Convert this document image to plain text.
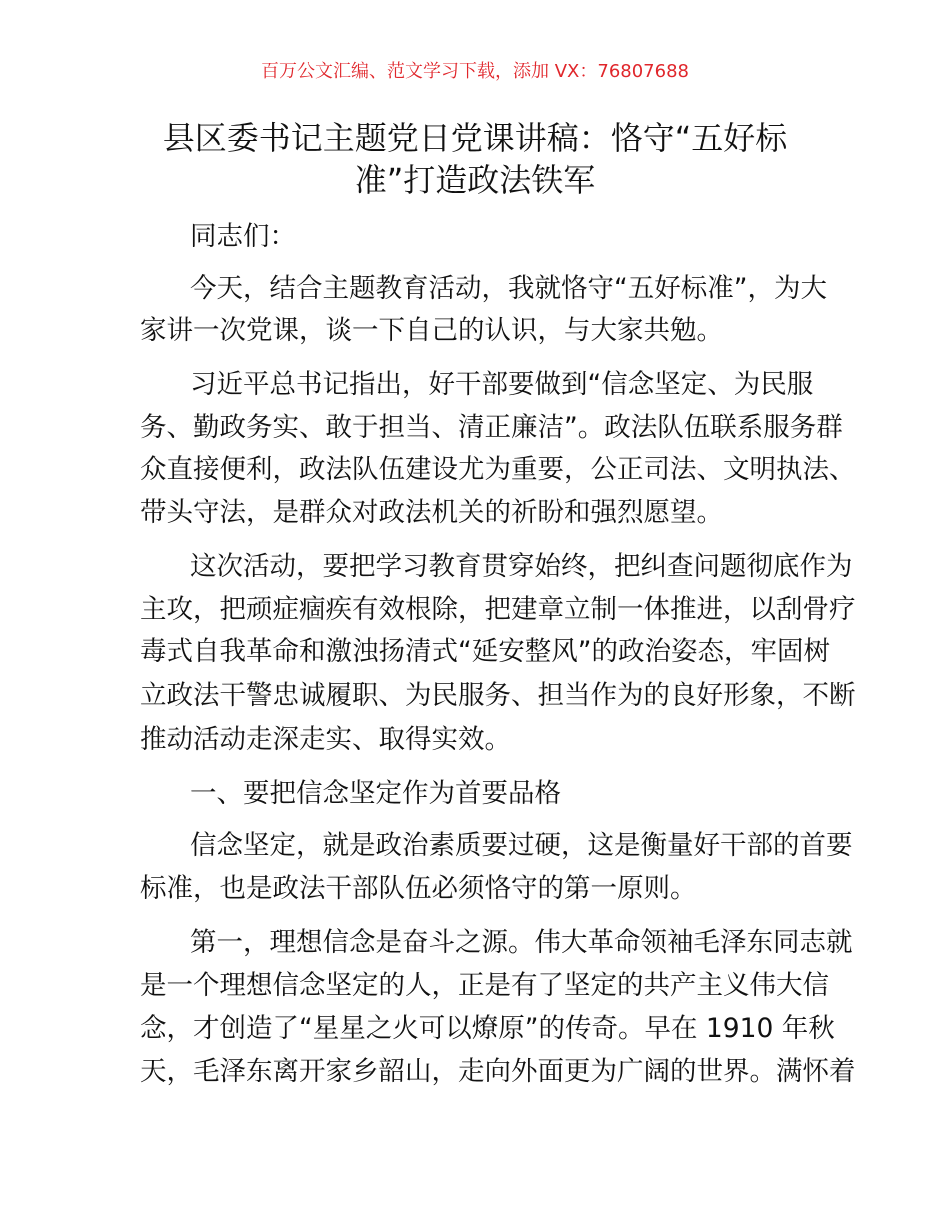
百万公文汇编、范文学习下载，添加 VX：76807688
县区委书记主题党日党课讲稿：恪守“五好标
准”打造政法铁军
同志们：
今天，结合主题教育活动，我就恪守“五好标准”，为大
家讲一次党课，谈一下自己的认识，与大家共勉。
习近平总书记指出，好干部要做到“信念坚定、为民服
务、勤政务实、敢于担当、清正廉洁”。政法队伍联系服务群
众直接便利，政法队伍建设尤为重要，公正司法、文明执法、
带头守法，是群众对政法机关的祈盼和强烈愿望。
这次活动，要把学习教育贯穿始终，把纠查问题彻底作为
主攻，把顽症痼疾有效根除，把建章立制一体推进，以刮骨疗
毒式自我革命和激浊扬清式“延安整风”的政治姿态，牢固树
立政法干警忠诚履职、为民服务、担当作为的良好形象，不断
推动活动走深走实、取得实效。
一、要把信念坚定作为首要品格
信念坚定，就是政治素质要过硬，这是衡量好干部的首要
标准，也是政法干部队伍必须恪守的第一原则。
第一，理想信念是奋斗之源。伟大革命领袖毛泽东同志就
是一个理想信念坚定的人，正是有了坚定的共产主义伟大信
念，才创造了“星星之火可以燎原”的传奇。早在 1910 年秋
天，毛泽东离开家乡韶山，走向外面更为广阔的世界。满怀着
